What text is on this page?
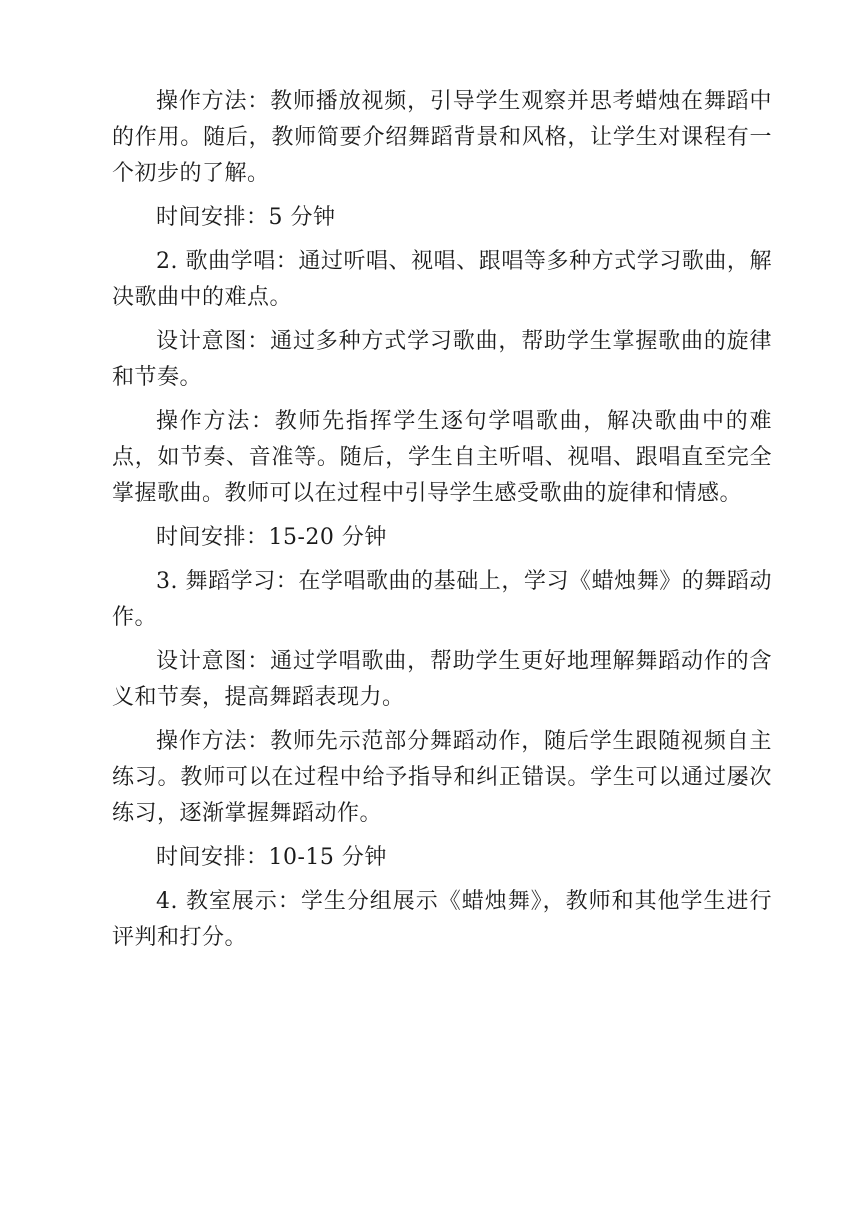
操作方法：教师播放视频，引导学生观察并思考蜡烛在舞蹈中的作用。随后，教师简要介绍舞蹈背景和风格，让学生对课程有一个初步的了解。

时间安排：5 分钟

2. 歌曲学唱：通过听唱、视唱、跟唱等多种方式学习歌曲，解决歌曲中的难点。

设计意图：通过多种方式学习歌曲，帮助学生掌握歌曲的旋律和节奏。

操作方法：教师先指挥学生逐句学唱歌曲，解决歌曲中的难点，如节奏、音准等。随后，学生自主听唱、视唱、跟唱直至完全掌握歌曲。教师可以在过程中引导学生感受歌曲的旋律和情感。

时间安排：15-20 分钟

3. 舞蹈学习：在学唱歌曲的基础上，学习《蜡烛舞》的舞蹈动作。

设计意图：通过学唱歌曲，帮助学生更好地理解舞蹈动作的含义和节奏，提高舞蹈表现力。

操作方法：教师先示范部分舞蹈动作，随后学生跟随视频自主练习。教师可以在过程中给予指导和纠正错误。学生可以通过屡次练习，逐渐掌握舞蹈动作。

时间安排：10-15 分钟

4. 教室展示：学生分组展示《蜡烛舞》，教师和其他学生进行评判和打分。
